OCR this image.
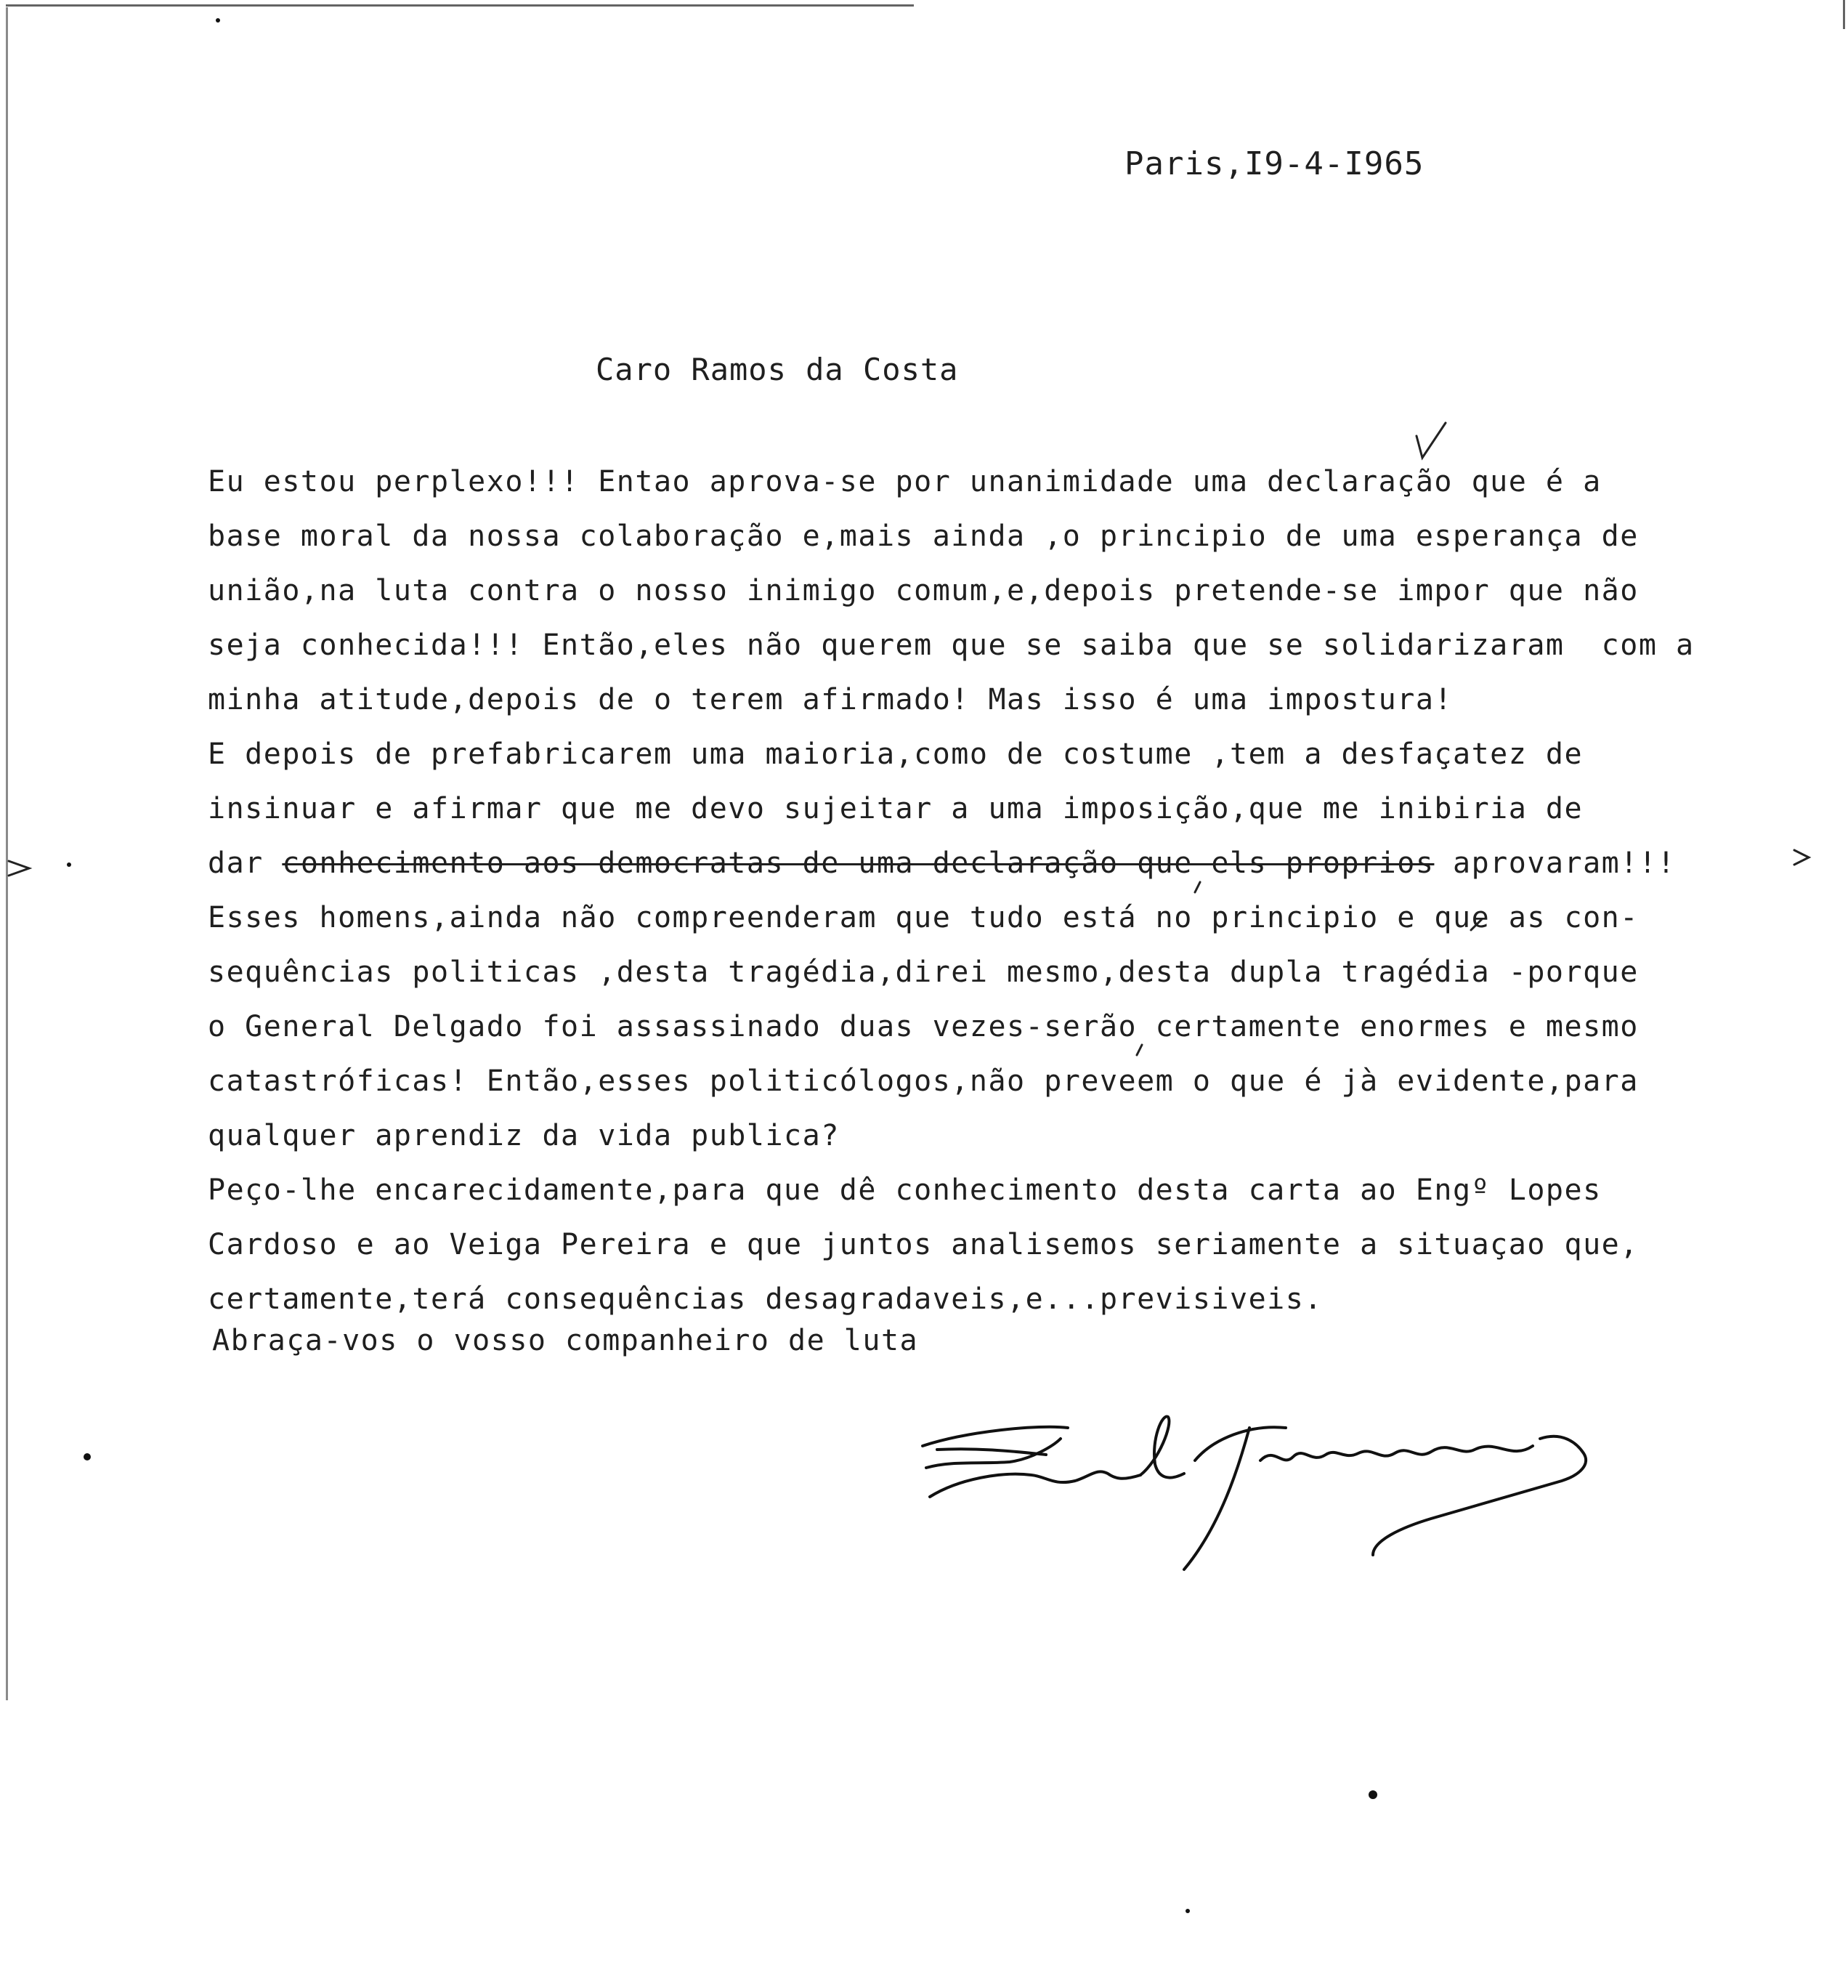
Paris,I9-4-I965
Caro Ramos da Costa
Eu estou perplexo!!! Entao aprova-se por unanimidade uma declaração que é a
base moral da nossa colaboração e,mais ainda ,o principio de uma esperança de
união,na luta contra o nosso inimigo comum,e,depois pretende-se impor que não
seja conhecida!!! Então,eles não querem que se saiba que se solidarizaram  com a
minha atitude,depois de o terem afirmado! Mas isso é uma impostura!
E depois de prefabricarem uma maioria,como de costume ,tem a desfaçatez de
insinuar e afirmar que me devo sujeitar a uma imposição,que me inibiria de
dar conhecimento aos democratas de uma declaração que els proprios aprovaram!!!
Esses homens,ainda não compreenderam que tudo está no principio e que as con-
sequências politicas ,desta tragédia,direi mesmo,desta dupla tragédia -porque
o General Delgado foi assassinado duas vezes-serão certamente enormes e mesmo
catastróficas! Então,esses politicólogos,não preveem o que é jà evidente,para
qualquer aprendiz da vida publica?
Peço-lhe encarecidamente,para que dê conhecimento desta carta ao Engº Lopes
Cardoso e ao Veiga Pereira e que juntos analisemos seriamente a situaçao que,
certamente,terá consequências desagradaveis,e...previsiveis.
Abraça-vos o vosso companheiro de luta
